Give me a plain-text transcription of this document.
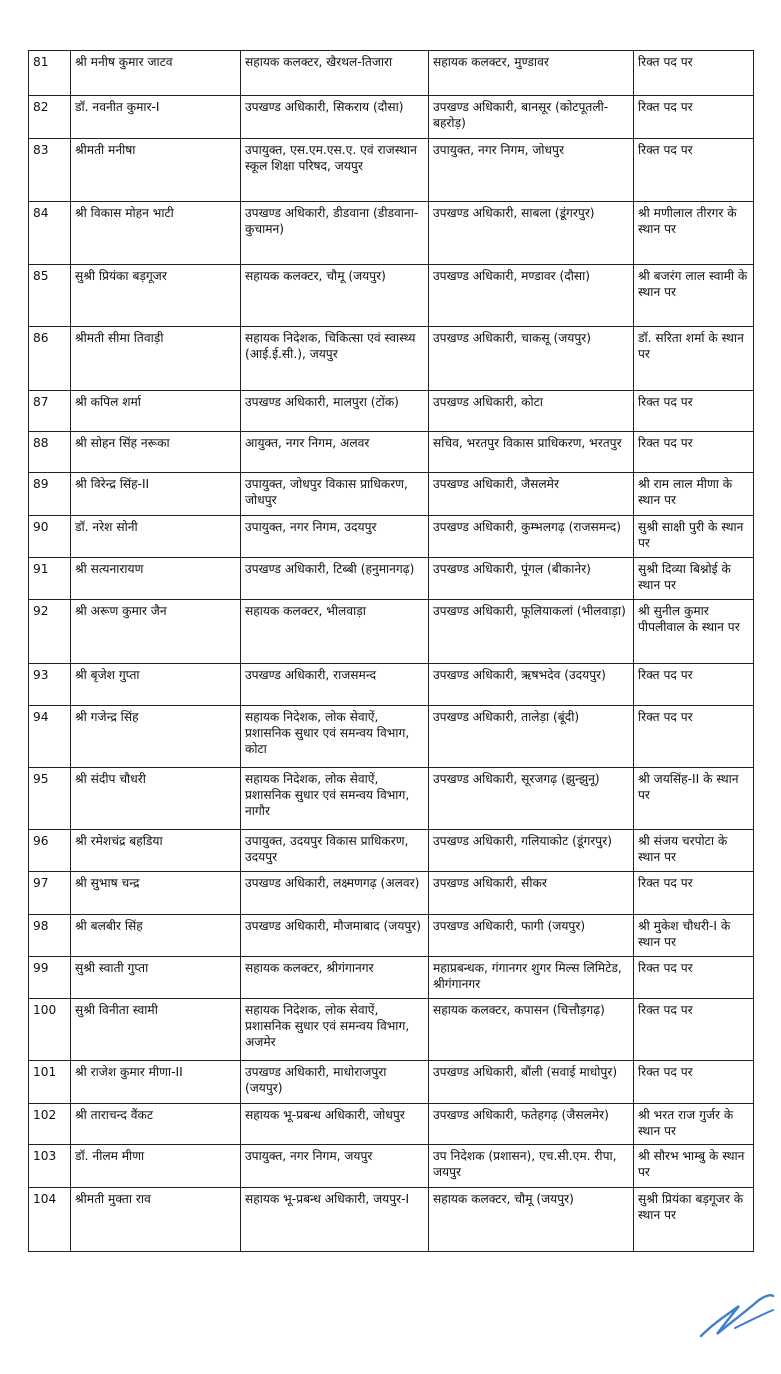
81	श्री मनीष कुमार जाटव	सहायक कलक्टर, खैरथल-तिजारा	सहायक कलक्टर, मुण्डावर	रिक्त पद पर
82	डॉ. नवनीत कुमार-I	उपखण्ड अधिकारी, सिकराय (दौसा)	उपखण्ड अधिकारी, बानसूर (कोटपूतली-बहरोड़)	रिक्त पद पर
83	श्रीमती मनीषा	उपायुक्त, एस.एम.एस.ए. एवं राजस्थान स्कूल शिक्षा परिषद, जयपुर	उपायुक्त, नगर निगम, जोधपुर	रिक्त पद पर
84	श्री विकास मोहन भाटी	उपखण्ड अधिकारी, डीडवाना (डीडवाना-कुचामन)	उपखण्ड अधिकारी, साबला (डूंगरपुर)	श्री मणीलाल तीरगर के स्थान पर
85	सुश्री प्रियंका बड़गूजर	सहायक कलक्टर, चौमू (जयपुर)	उपखण्ड अधिकारी, मण्डावर (दौसा)	श्री बजरंग लाल स्वामी के स्थान पर
86	श्रीमती सीमा तिवाड़ी	सहायक निदेशक, चिकित्सा एवं स्वास्थ्य (आई.ई.सी.), जयपुर	उपखण्ड अधिकारी, चाकसू (जयपुर)	डॉ. सरिता शर्मा के स्थान पर
87	श्री कपिल शर्मा	उपखण्ड अधिकारी, मालपुरा (टोंक)	उपखण्ड अधिकारी, कोटा	रिक्त पद पर
88	श्री सोहन सिंह नरूका	आयुक्त, नगर निगम, अलवर	सचिव, भरतपुर विकास प्राधिकरण, भरतपुर	रिक्त पद पर
89	श्री विरेन्द्र सिंह-II	उपायुक्त, जोधपुर विकास प्राधिकरण, जोधपुर	उपखण्ड अधिकारी, जैसलमेर	श्री राम लाल मीणा के स्थान पर
90	डॉ. नरेश सोनी	उपायुक्त, नगर निगम, उदयपुर	उपखण्ड अधिकारी, कुम्भलगढ़ (राजसमन्द)	सुश्री साक्षी पुरी के स्थान पर
91	श्री सत्यनारायण	उपखण्ड अधिकारी, टिब्बी (हनुमानगढ़)	उपखण्ड अधिकारी, पूंगल (बीकानेर)	सुश्री दिव्या बिश्नोई के स्थान पर
92	श्री अरूण कुमार जैन	सहायक कलक्टर, भीलवाड़ा	उपखण्ड अधिकारी, फूलियाकलां (भीलवाड़ा)	श्री सुनील कुमार पीपलीवाल के स्थान पर
93	श्री बृजेश गुप्ता	उपखण्ड अधिकारी, राजसमन्द	उपखण्ड अधिकारी, ऋषभदेव (उदयपुर)	रिक्त पद पर
94	श्री गजेन्द्र सिंह	सहायक निदेशक, लोक सेवाऐं, प्रशासनिक सुधार एवं समन्वय विभाग, कोटा	उपखण्ड अधिकारी, तालेड़ा (बूंदी)	रिक्त पद पर
95	श्री संदीप चौधरी	सहायक निदेशक, लोक सेवाऐं, प्रशासनिक सुधार एवं समन्वय विभाग, नागौर	उपखण्ड अधिकारी, सूरजगढ़ (झुन्झुनू)	श्री जयसिंह-II के स्थान पर
96	श्री रमेशचंद्र बहडिया	उपायुक्त, उदयपुर विकास प्राधिकरण, उदयपुर	उपखण्ड अधिकारी, गलियाकोट (डूंगरपुर)	श्री संजय चरपोटा के स्थान पर
97	श्री सुभाष चन्द्र	उपखण्ड अधिकारी, लक्ष्मणगढ़ (अलवर)	उपखण्ड अधिकारी, सीकर	रिक्त पद पर
98	श्री बलबीर सिंह	उपखण्ड अधिकारी, मौजमाबाद (जयपुर)	उपखण्ड अधिकारी, फागी (जयपुर)	श्री मुकेश चौधरी-I के स्थान पर
99	सुश्री स्वाती गुप्ता	सहायक कलक्टर, श्रीगंगानगर	महाप्रबन्धक, गंगानगर शुगर मिल्स लिमिटेड, श्रीगंगानगर	रिक्त पद पर
100	सुश्री विनीता स्वामी	सहायक निदेशक, लोक सेवाऐं, प्रशासनिक सुधार एवं समन्वय विभाग, अजमेर	सहायक कलक्टर, कपासन (चित्तौड़गढ़)	रिक्त पद पर
101	श्री राजेश कुमार मीणा-II	उपखण्ड अधिकारी, माधोराजपुरा (जयपुर)	उपखण्ड अधिकारी, बौंली (सवाई माधोपुर)	रिक्त पद पर
102	श्री ताराचन्द वैंकट	सहायक भू-प्रबन्ध अधिकारी, जोधपुर	उपखण्ड अधिकारी, फतेहगढ़ (जैसलमेर)	श्री भरत राज गुर्जर के स्थान पर
103	डॉ. नीलम मीणा	उपायुक्त, नगर निगम, जयपुर	उप निदेशक (प्रशासन), एच.सी.एम. रीपा, जयपुर	श्री सौरभ भाम्बु के स्थान पर
104	श्रीमती मुक्ता राव	सहायक भू-प्रबन्ध अधिकारी, जयपुर-I	सहायक कलक्टर, चौमू (जयपुर)	सुश्री प्रियंका बड़गूजर के स्थान पर
